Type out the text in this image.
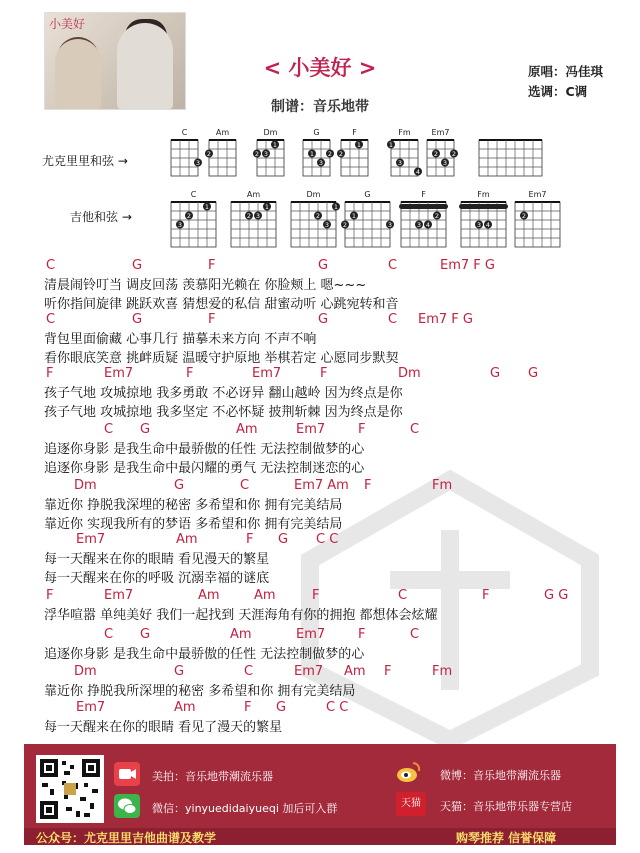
小美好
< 小美好 >
制谱：音乐地带
原唱：冯佳琪
选调：C调
尤克里里和弦 →
吉他和弦 →
C
3
Am
2
Dm
2 3
1
G
1
3
2
F
2
1
Fm
1
3
4
Em7
2
3
2
C
3
2
1
Am
2 3
1
Dm
2
3
1
G
2
1
3
F
3 4
2
Fm
3 4
Em7
2
C	G	F	G	C	Em7 F G
清晨闹铃叮当 调皮回荡 羡慕阳光赖在 你脸颊上 嗯~~~
听你指间旋律 跳跃欢喜 猜想爱的私信 甜蜜动听 心跳宛转和音
C	G	F	G	C Em7 F G
背包里面偷藏 心事几行 描摹未来方向 不声不响
看你眼底笑意 挑衅质疑 温暖守护原地 举棋若定 心愿同步默契
F	Em7	F	Em7	F	Dm	G G
孩子气地 攻城掠地 我多勇敢 不必讶异 翻山越岭 因为终点是你
孩子气地 攻城掠地 我多坚定 不必怀疑 披荆斩棘 因为终点是你
C G	Am	Em7	F	C
追逐你身影 是我生命中最骄傲的任性 无法控制做梦的心
追逐你身影 是我生命中最闪耀的勇气 无法控制迷恋的心
Dm	G	C	Em7 Am F	Fm
靠近你 挣脱我深埋的秘密 多希望和你 拥有完美结局
靠近你 实现我所有的梦语 多希望和你 拥有完美结局
Em7	Am	F G C C
每一天醒来在你的眼睛 看见漫天的繁星
每一天醒来在你的呼吸 沉溺幸福的谜底
F	Em7	Am	Am	F	C	F	G G
浮华喧嚣 单纯美好 我们一起找到 天涯海角有你的拥抱 都想体会炫耀
C G	Am	Em7	F	C
追逐你身影 是我生命中最骄傲的任性 无法控制做梦的心
Dm	G	C	Em7 Am F	Fm
靠近你 挣脱我所深埋的秘密 多希望和你 拥有完美结局
Em7	Am	F G	C C
每一天醒来在你的眼睛 看见了漫天的繁星
美拍：音乐地带潮流乐器
微信：yinyuedidaiyueqi 加后可入群
微博：音乐地带潮流乐器
天猫	天猫：音乐地带乐器专营店
公众号：尤克里里吉他曲谱及教学	购琴推荐 信誉保障
